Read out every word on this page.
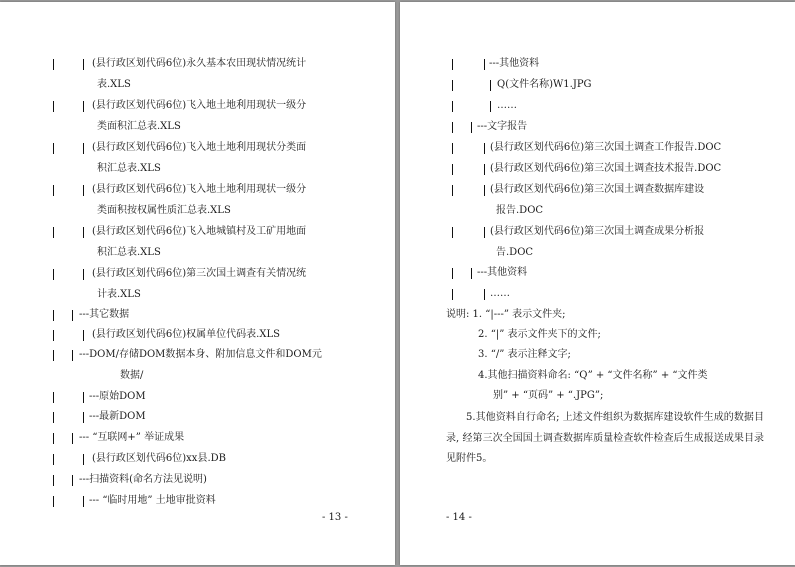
(县行政区划代码6位)永久基本农田现状情况统计
表.XLS
(县行政区划代码6位)飞入地土地利用现状一级分
类面积汇总表.XLS
(县行政区划代码6位)飞入地土地利用现状分类面
积汇总表.XLS
(县行政区划代码6位)飞入地土地利用现状一级分
类面积按权属性质汇总表.XLS
(县行政区划代码6位)飞入地城镇村及工矿用地面
积汇总表.XLS
(县行政区划代码6位)第三次国土调查有关情况统
计表.XLS
---其它数据
(县行政区划代码6位)权属单位代码表.XLS
---DOM/存储DOM数据本身、附加信息文件和DOM元
数据/
---原始DOM
---最新DOM
--- “互联网+” 举证成果
(县行政区划代码6位)xx县.DB
---扫描资料(命名方法见说明)
--- “临时用地” 土地审批资料
- 13 -
---其他资料
Q(文件名称)W1.JPG
……
---文字报告
(县行政区划代码6位)第三次国土调查工作报告.DOC
(县行政区划代码6位)第三次国土调查技术报告.DOC
(县行政区划代码6位)第三次国土调查数据库建设
报告.DOC
(县行政区划代码6位)第三次国土调查成果分析报
告.DOC
---其他资料
……
说明: 1. “|---” 表示文件夹;
2. “|” 表示文件夹下的文件;
3. “/” 表示注释文字;
4.其他扫描资料命名: “Q” + “文件名称” + “文件类
别” + “页码” + “.JPG”;
5.其他资料自行命名; 上述文件组织为数据库建设软件生成的数据目录, 经第三次全国国土调查数据库质量检查软件检查后生成报送成果目录见附件5。
- 14 -
